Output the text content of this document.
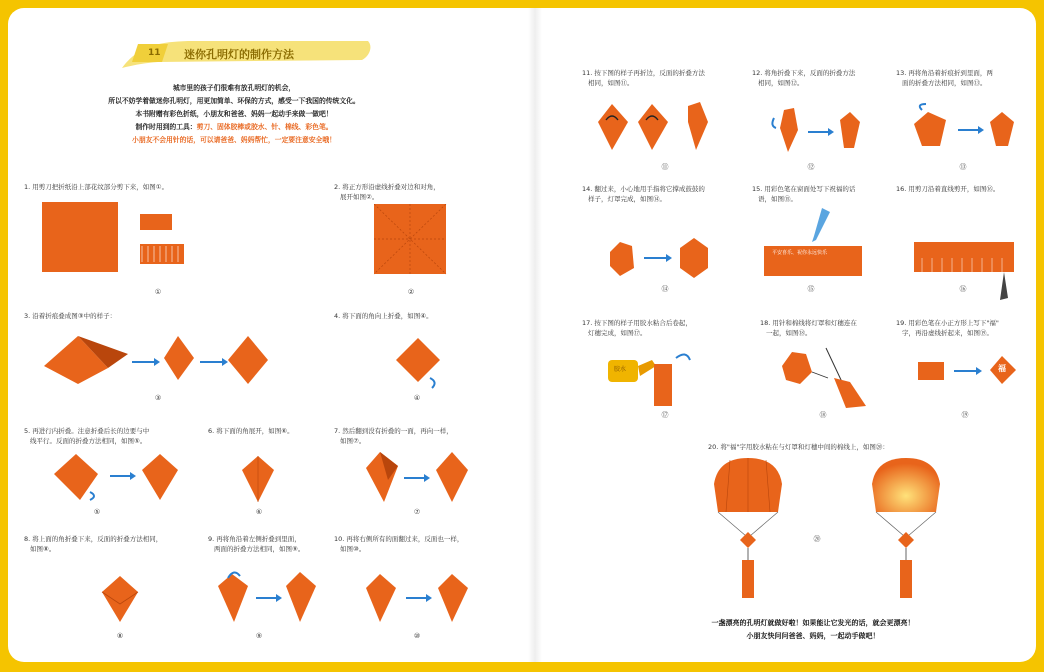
11 迷你孔明灯的制作方法
城市里的孩子们很难有放孔明灯的机会，
所以不妨学着做迷你孔明灯，用更加简单、环保的方式，感受一下我国的传统文化。
本书附赠有彩色折纸，小朋友和爸爸、妈妈一起动手来做一做吧！
制作时用到的工具：剪刀、固体胶棒或胶水、针、棉线、彩色笔。
小朋友不会用针的话，可以请爸爸、妈妈帮忙，一定要注意安全哦！
1. 用剪刀把折纸沿上部花纹部分剪下来，如图①。	2. 将正方形沿虚线折叠对边和对角，
展开如图②。
①	②
3. 沿着折痕叠成图③中的样子：	4. 将下面的角向上折叠，如图④。
③	④
5. 再进行内折叠。注意折叠后长的边要与中
线平行。反面的折叠方法相同，如图⑤。
6. 将下面的角展开，如图⑥。	7. 然后翻到没有折叠的一面，再向一样，
如图⑦。
⑤	⑥	⑦
8. 将上面的角折叠下来，反面的折叠方法相同，
如图⑧。
9. 再将角沿着左侧折叠到里面，
两面的折叠方法相同，如图⑨。
10. 再将右侧所有的面翻过来，反面也一样，
如图⑩。
⑧	⑨	⑩
11. 按下图的样子再折边，反面的折叠方法
相同，如图⑪。
12. 将角折叠下来，反面的折叠方法
相同，如图⑫。
13. 再将角沿着折痕折到里面，两
面的折叠方法相同，如图⑬。
⑪	⑫	⑬
14. 翻过来，小心地用手指将它撑成鼓鼓的
样子，灯罩完成，如图⑭。
15. 用彩色笔在窗面处写下祝福的话
语，如图⑮。
16. 用剪刀沿着直线剪开，如图⑯。
平安喜乐、祝你永远快乐
⑭	⑮	⑯
17. 按下图的样子用胶水粘合后卷起，
灯穗完成，如图⑰。
18. 用针和棉线将灯罩和灯穗连在
一起，如图⑱。
19. 用彩色笔在小正方形上写下"福"
字，再沿虚线折起来，如图⑲。
胶水	福
⑰	⑱	⑲
20. 将"福"字用胶水粘在与灯罩和灯穗中间的棉线上，如图⑳：
⑳
一盏漂亮的孔明灯就做好啦！如果能让它发光的话，就会更漂亮！
小朋友快问问爸爸、妈妈，一起动手做吧！
